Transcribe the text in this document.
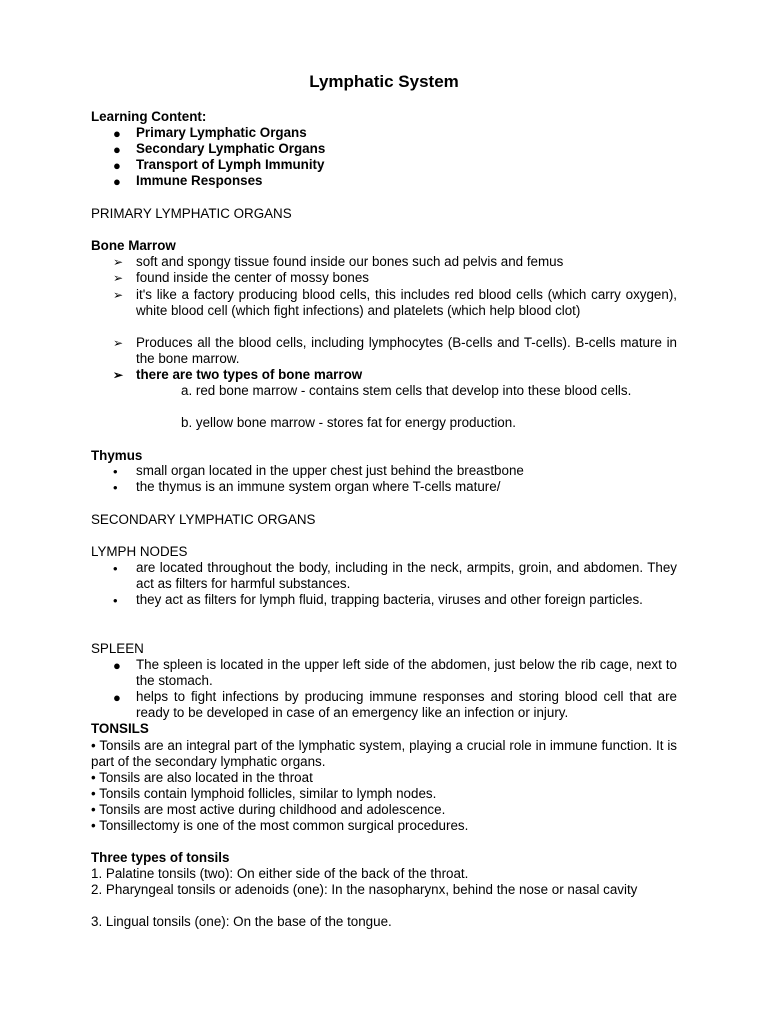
Lymphatic System
Learning Content:
● Primary Lymphatic Organs
● Secondary Lymphatic Organs
● Transport of Lymph Immunity
● Immune Responses
PRIMARY LYMPHATIC ORGANS
Bone Marrow
➢ soft and spongy tissue found inside our bones such ad pelvis and femus
➢ found inside the center of mossy bones
➢ it's like a factory producing blood cells, this includes red blood cells (which carry oxygen), white blood cell (which fight infections) and platelets (which help blood clot)
➢ Produces all the blood cells, including lymphocytes (B-cells and T-cells). B-cells mature in the bone marrow.
➢ there are two types of bone marrow
a. red bone marrow - contains stem cells that develop into these blood cells.
b. yellow bone marrow - stores fat for energy production.
Thymus
• small organ located in the upper chest just behind the breastbone
• the thymus is an immune system organ where T-cells mature/
SECONDARY LYMPHATIC ORGANS
LYMPH NODES
• are located throughout the body, including in the neck, armpits, groin, and abdomen. They act as filters for harmful substances.
• they act as filters for lymph fluid, trapping bacteria, viruses and other foreign particles.
SPLEEN
● The spleen is located in the upper left side of the abdomen, just below the rib cage, next to the stomach.
● helps to fight infections by producing immune responses and storing blood cell that are ready to be developed in case of an emergency like an infection or injury.
TONSILS
• Tonsils are an integral part of the lymphatic system, playing a crucial role in immune function. It is part of the secondary lymphatic organs.
• Tonsils are also located in the throat
• Tonsils contain lymphoid follicles, similar to lymph nodes.
• Tonsils are most active during childhood and adolescence.
• Tonsillectomy is one of the most common surgical procedures.
Three types of tonsils
1. Palatine tonsils (two): On either side of the back of the throat.
2. Pharyngeal tonsils or adenoids (one): In the nasopharynx, behind the nose or nasal cavity
3. Lingual tonsils (one): On the base of the tongue.
